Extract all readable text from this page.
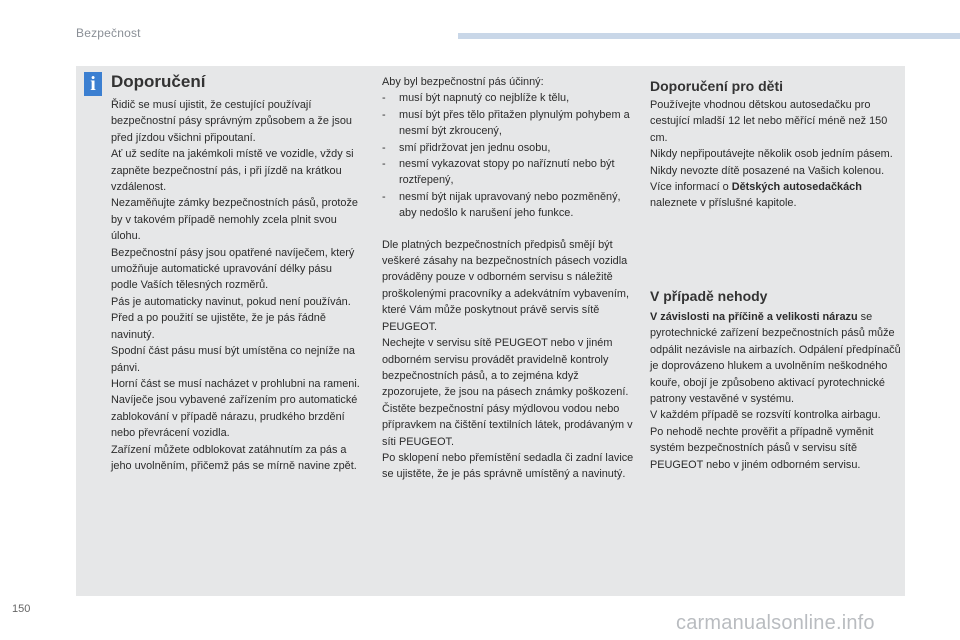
Bezpečnost
i Doporučení

Řidič se musí ujistit, že cestující používají bezpečnostní pásy správným způsobem a že jsou před jízdou všichni připoutaní.

Ať už sedíte na jakémkoli místě ve vozidle, vždy si zapněte bezpečnostní pás, i při jízdě na krátkou vzdálenost.

Nezaměňujte zámky bezpečnostních pásů, protože by v takovém případě nemohly zcela plnit svou úlohu.

Bezpečnostní pásy jsou opatřené navíječem, který umožňuje automatické upravování délky pásu podle Vaších tělesných rozměrů.

Pás je automaticky navinut, pokud není používán.

Před a po použití se ujistěte, že je pás řádně navinutý.

Spodní část pásu musí být umístěna co nejníže na pánvi.

Horní část se musí nacházet v prohlubni na rameni.

Navíječe jsou vybavené zařízením pro automatické zablokování v případě nárazu, prudkého brzdění nebo převrácení vozidla.

Zařízení můžete odblokovat zatáhnutím za pás a jeho uvolněním, přičemž pás se mírně navine zpět.

Aby byl bezpečnostní pás účinný:

- musí být napnutý co nejblíže k tělu,
- musí být přes tělo přitažen plynulým pohybem a nesmí být zkroucený,
- smí přidržovat jen jednu osobu,
- nesmí vykazovat stopy po naříznutí nebo být roztřepený,
- nesmí být nijak upravovaný nebo pozměněný, aby nedošlo k narušení jeho funkce.

Dle platných bezpečnostních předpisů smějí být veškeré zásahy na bezpečnostních pásech vozidla prováděny pouze v odborném servisu s náležitě proškolenými pracovníky a adekvátním vybavením, které Vám může poskytnout právě servis sítě PEUGEOT.

Nechejte v servisu sítě PEUGEOT nebo v jiném odborném servisu provádět pravidelně kontroly bezpečnostních pásů, a to zejména když zpozorujete, že jsou na pásech známky poškození.

Čistěte bezpečnostní pásy mýdlovou vodou nebo přípravkem na čištění textilních látek, prodávaným v síti PEUGEOT.

Po sklopení nebo přemístění sedadla či zadní lavice se ujistěte, že je pás správně umístěný a navinutý.

Doporučení pro děti

Používejte vhodnou dětskou autosedačku pro cestující mladší 12 let nebo měřící méně než 150 cm.

Nikdy nepřipoutávejte několik osob jedním pásem.

Nikdy nevozte dítě posazené na Vašich kolenou.

Více informací o Dětských autosedačkách naleznete v příslušné kapitole.

V případě nehody

V závislosti na příčině a velikosti nárazu se pyrotechnické zařízení bezpečnostních pásů může odpálit nezávisle na airbazích. Odpálení předpínačů je doprovázeno hlukem a uvolněním neškodného kouře, obojí je způsobeno aktivací pyrotechnické patrony vestavěné v systému.

V každém případě se rozsvítí kontrolka airbagu.

Po nehodě nechte prověřit a případně vyměnit systém bezpečnostních pásů v servisu sítě PEUGEOT nebo v jiném odborném servisu.

150
carmanualsonline.info
